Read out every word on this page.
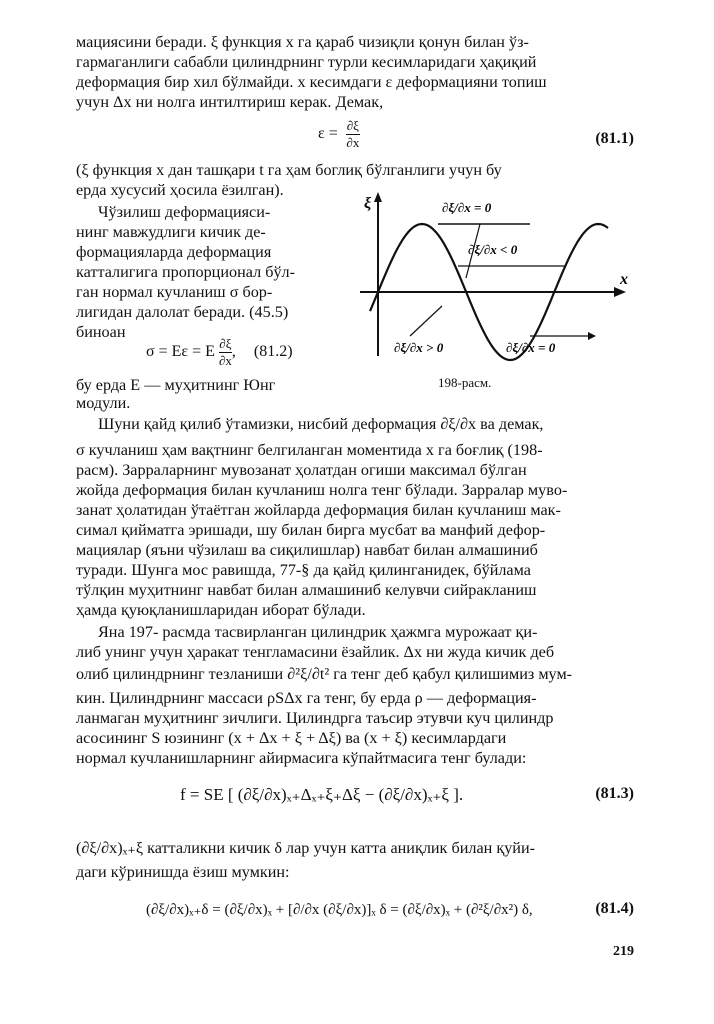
мациясини беради. ξ функция x га қараб чизиқли қонун билан ўз-
гармаганлиги сабабли цилиндрнинг турли кесимларидаги ҳақиқий
деформация бир хил бўлмайди. x кесимдаги ε деформацияни топиш
учун Δx ни нолга интилтириш керак. Демак,
$\varepsilon = \frac{\partial\xi}{\partial x}$	(81.1)
(ξ функция x дан ташқари t га ҳам боглиқ бўлганлиги учун бу
ерда хусусий ҳосила ёзилган).
Чўзилиш деформацияси-
нинг мавжудлиги кичик де-
формацияларда деформация
катталигига пропорционал бўл-
ган нормал кучланиш σ бор-
лигидан далолат беради. (45.5)
бинoан
σ = Eε = E $\frac{\partial\xi}{\partial x}$ , (81.2)
бу ерда E — муҳитнинг Юнг
модули.
ξ
x
∂ξ/∂x = 0
∂ξ/∂x < 0
∂ξ/∂x > 0	∂ξ/∂x = 0
198-расм.
Шуни қайд қилиб ўтамизки, нисбий деформация ∂ξ/∂x ва демак,
σ кучланиш ҳам вақтнинг белгиланган моментида x га боғлиқ (198-
расм). Зарраларнинг мувозанат ҳолатдан огиши максимал бўлган
жойда деформация билан кучланиш нолга тенг бўлади. Зарралар мувo-
занат ҳолатидан ўтаётган жойларда деформация билан кучланиш мак-
симал қийматга эришади, шу билан бирга мусбат ва манфий дефор-
мациялар (яъни чўзилаш ва сиқилишлар) навбат билан алмашиниб
туради. Шунга мос равишда, 77-§ да қайд қилинганидек, бўйлама
тўлқин муҳитнинг навбат билан алмашиниб келувчи сийракланиш
ҳамда қуюқланишларидан иборат бўлади.
Яна 197- расмда тасвирланган цилиндрик ҳажмга мурожаат қи-
либ унинг учун ҳаракат тенгламасини ёзайлик. Δx ни жуда кичик деб
олиб цилиндрнинг тезланиши ∂²ξ/∂t² га тенг деб қабул қилишимиз мум-
кин. Цилиндрнинг массаси ρSΔx га тенг, бу ерда ρ — деформация-
ланмаган муҳитнинг зичлиги. Цилиндрга таъсир этувчи куч цилиндр
асосининг S юзининг (x + Δx + ξ + Δξ) ва (x + ξ) кесимлардаги
нормал кучланишларнинг айирмасига кўпайтмасига тенг булади:
f = SE [ (∂ξ/∂x)ₓ₊Δₓ₊ξ₊Δξ − (∂ξ/∂x)ₓ₊ξ ].	(81.3)
(∂ξ/∂x)ₓ₊ξ катталикни кичик δ лар учун катта аниқлик билан қуйи-
даги кўринишда ёзиш мумкин:
(∂ξ/∂x)ₓ₊δ = (∂ξ/∂x)ₓ + [∂/∂x (∂ξ/∂x)]ₓ δ = (∂ξ/∂x)ₓ + (∂²ξ/∂x²) δ,	(81.4)
219
